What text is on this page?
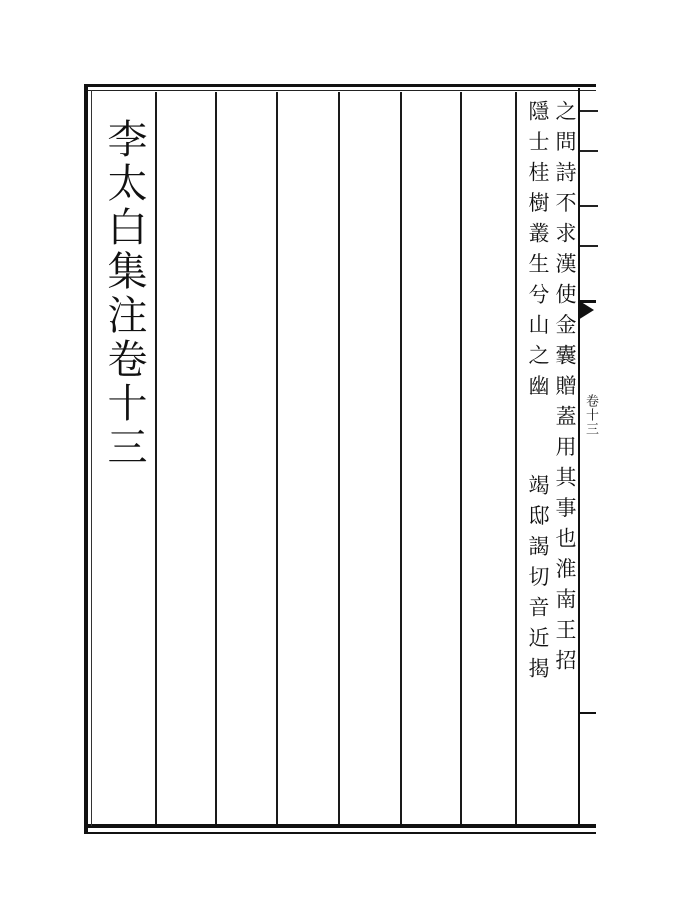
李太白集注卷十三	之問詩不求漢使金囊贈蓋用其事也淮南王招
隱士桂樹叢生兮山之幽
竭邸謁切音近揭
卷十三
